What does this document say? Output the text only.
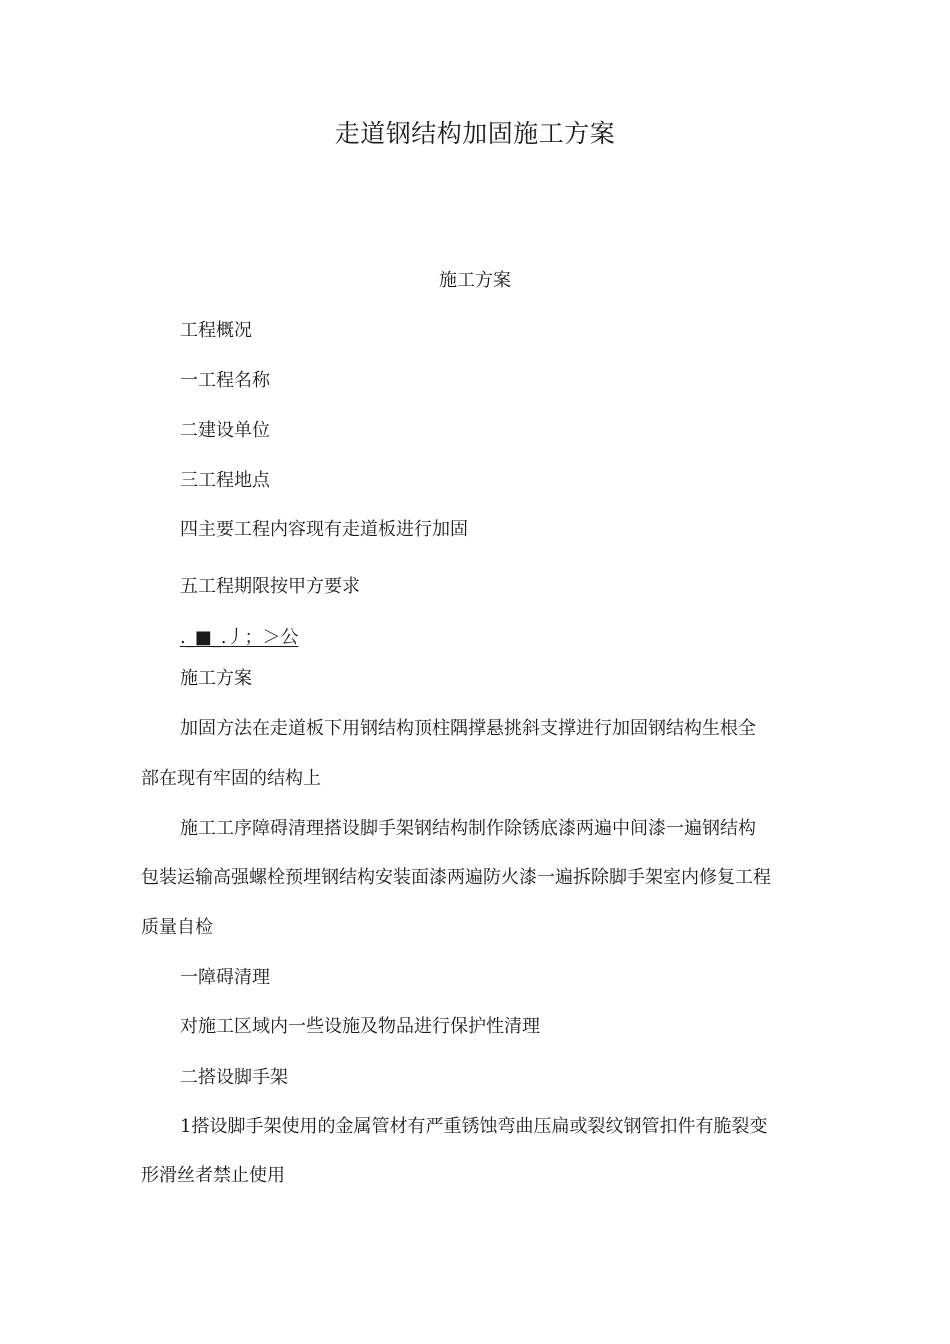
走道钢结构加固施工方案
施工方案
工程概况
一工程名称
二建设单位
三工程地点
四主要工程内容现有走道板进行加固
五工程期限按甲方要求
._■_.丿；＞公
施工方案
加固方法在走道板下用钢结构顶柱隅撑悬挑斜支撑进行加固钢结构生根全
部在现有牢固的结构上
施工工序障碍清理搭设脚手架钢结构制作除锈底漆两遍中间漆一遍钢结构
包装运输高强螺栓预埋钢结构安装面漆两遍防火漆一遍拆除脚手架室内修复工程
质量自检
一障碍清理
对施工区域内一些设施及物品进行保护性清理
二搭设脚手架
1搭设脚手架使用的金属管材有严重锈蚀弯曲压扁或裂纹钢管扣件有脆裂变
形滑丝者禁止使用
